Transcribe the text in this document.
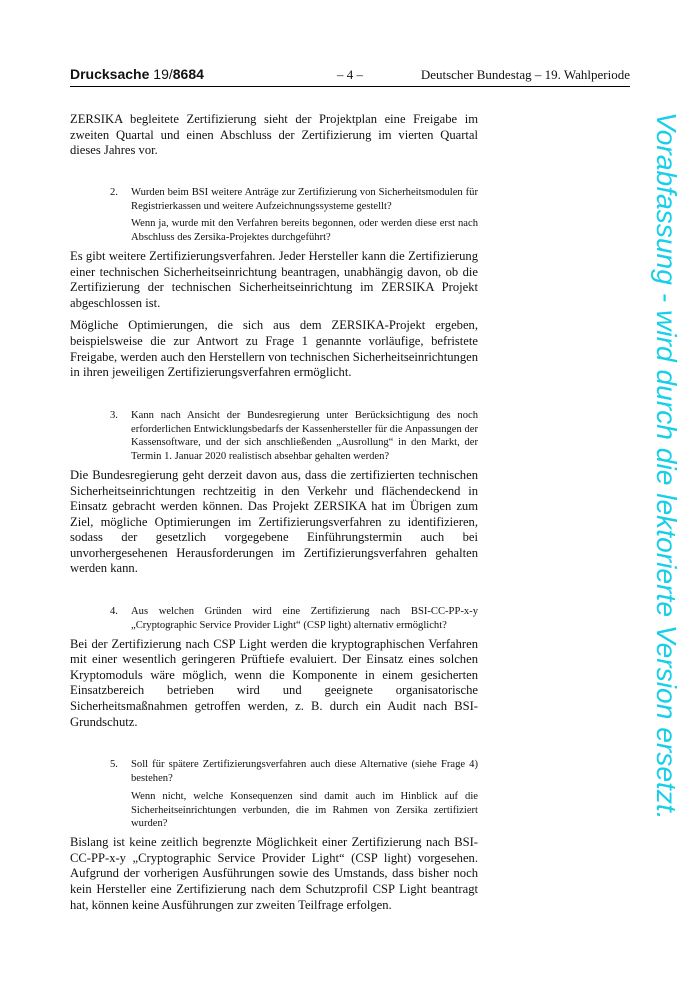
Drucksache 19/8684	– 4 –	Deutscher Bundestag – 19. Wahlperiode

ZERSIKA begleitete Zertifizierung sieht der Projektplan eine Freigabe im zweiten Quartal und einen Abschluss der Zertifizierung im vierten Quartal dieses Jahres vor.

2. Wurden beim BSI weitere Anträge zur Zertifizierung von Sicherheitsmodulen für Registrierkassen und weitere Aufzeichnungssysteme gestellt?
Wenn ja, wurde mit den Verfahren bereits begonnen, oder werden diese erst nach Abschluss des Zersika-Projektes durchgeführt?

Es gibt weitere Zertifizierungsverfahren. Jeder Hersteller kann die Zertifizierung einer technischen Sicherheitseinrichtung beantragen, unabhängig davon, ob die Zertifizierung der technischen Sicherheitseinrichtung im ZERSIKA Projekt abgeschlossen ist.

Mögliche Optimierungen, die sich aus dem ZERSIKA-Projekt ergeben, beispielsweise die zur Antwort zu Frage 1 genannte vorläufige, befristete Freigabe, werden auch den Herstellern von technischen Sicherheitseinrichtungen in ihren jeweiligen Zertifizierungsverfahren ermöglicht.

3. Kann nach Ansicht der Bundesregierung unter Berücksichtigung des noch erforderlichen Entwicklungsbedarfs der Kassenhersteller für die Anpassungen der Kassensoftware, und der sich anschließenden „Ausrollung“ in den Markt, der Termin 1. Januar 2020 realistisch absehbar gehalten werden?

Die Bundesregierung geht derzeit davon aus, dass die zertifizierten technischen Sicherheitseinrichtungen rechtzeitig in den Verkehr und flächendeckend in Einsatz gebracht werden können. Das Projekt ZERSIKA hat im Übrigen zum Ziel, mögliche Optimierungen im Zertifizierungsverfahren zu identifizieren, sodass der gesetzlich vorgegebene Einführungstermin auch bei unvorhergesehenen Herausforderungen im Zertifizierungsverfahren gehalten werden kann.

4. Aus welchen Gründen wird eine Zertifizierung nach BSI-CC-PP-x-y „Cryptographic Service Provider Light“ (CSP light) alternativ ermöglicht?

Bei der Zertifizierung nach CSP Light werden die kryptographischen Verfahren mit einer wesentlich geringeren Prüftiefe evaluiert. Der Einsatz eines solchen Kryptomoduls wäre möglich, wenn die Komponente in einem gesicherten Einsatzbereich betrieben wird und geeignete organisatorische Sicherheitsmaßnahmen getroffen werden, z. B. durch ein Audit nach BSI-Grundschutz.

5. Soll für spätere Zertifizierungsverfahren auch diese Alternative (siehe Frage 4) bestehen?
Wenn nicht, welche Konsequenzen sind damit auch im Hinblick auf die Sicherheitseinrichtungen verbunden, die im Rahmen von Zersika zertifiziert wurden?

Bislang ist keine zeitlich begrenzte Möglichkeit einer Zertifizierung nach BSI-CC-PP-x-y „Cryptographic Service Provider Light“ (CSP light) vorgesehen. Aufgrund der vorherigen Ausführungen sowie des Umstands, dass bisher noch kein Hersteller eine Zertifizierung nach dem Schutzprofil CSP Light beantragt hat, können keine Ausführungen zur zweiten Teilfrage erfolgen.

Vorabfassung - wird durch die lektorierte Version ersetzt.
